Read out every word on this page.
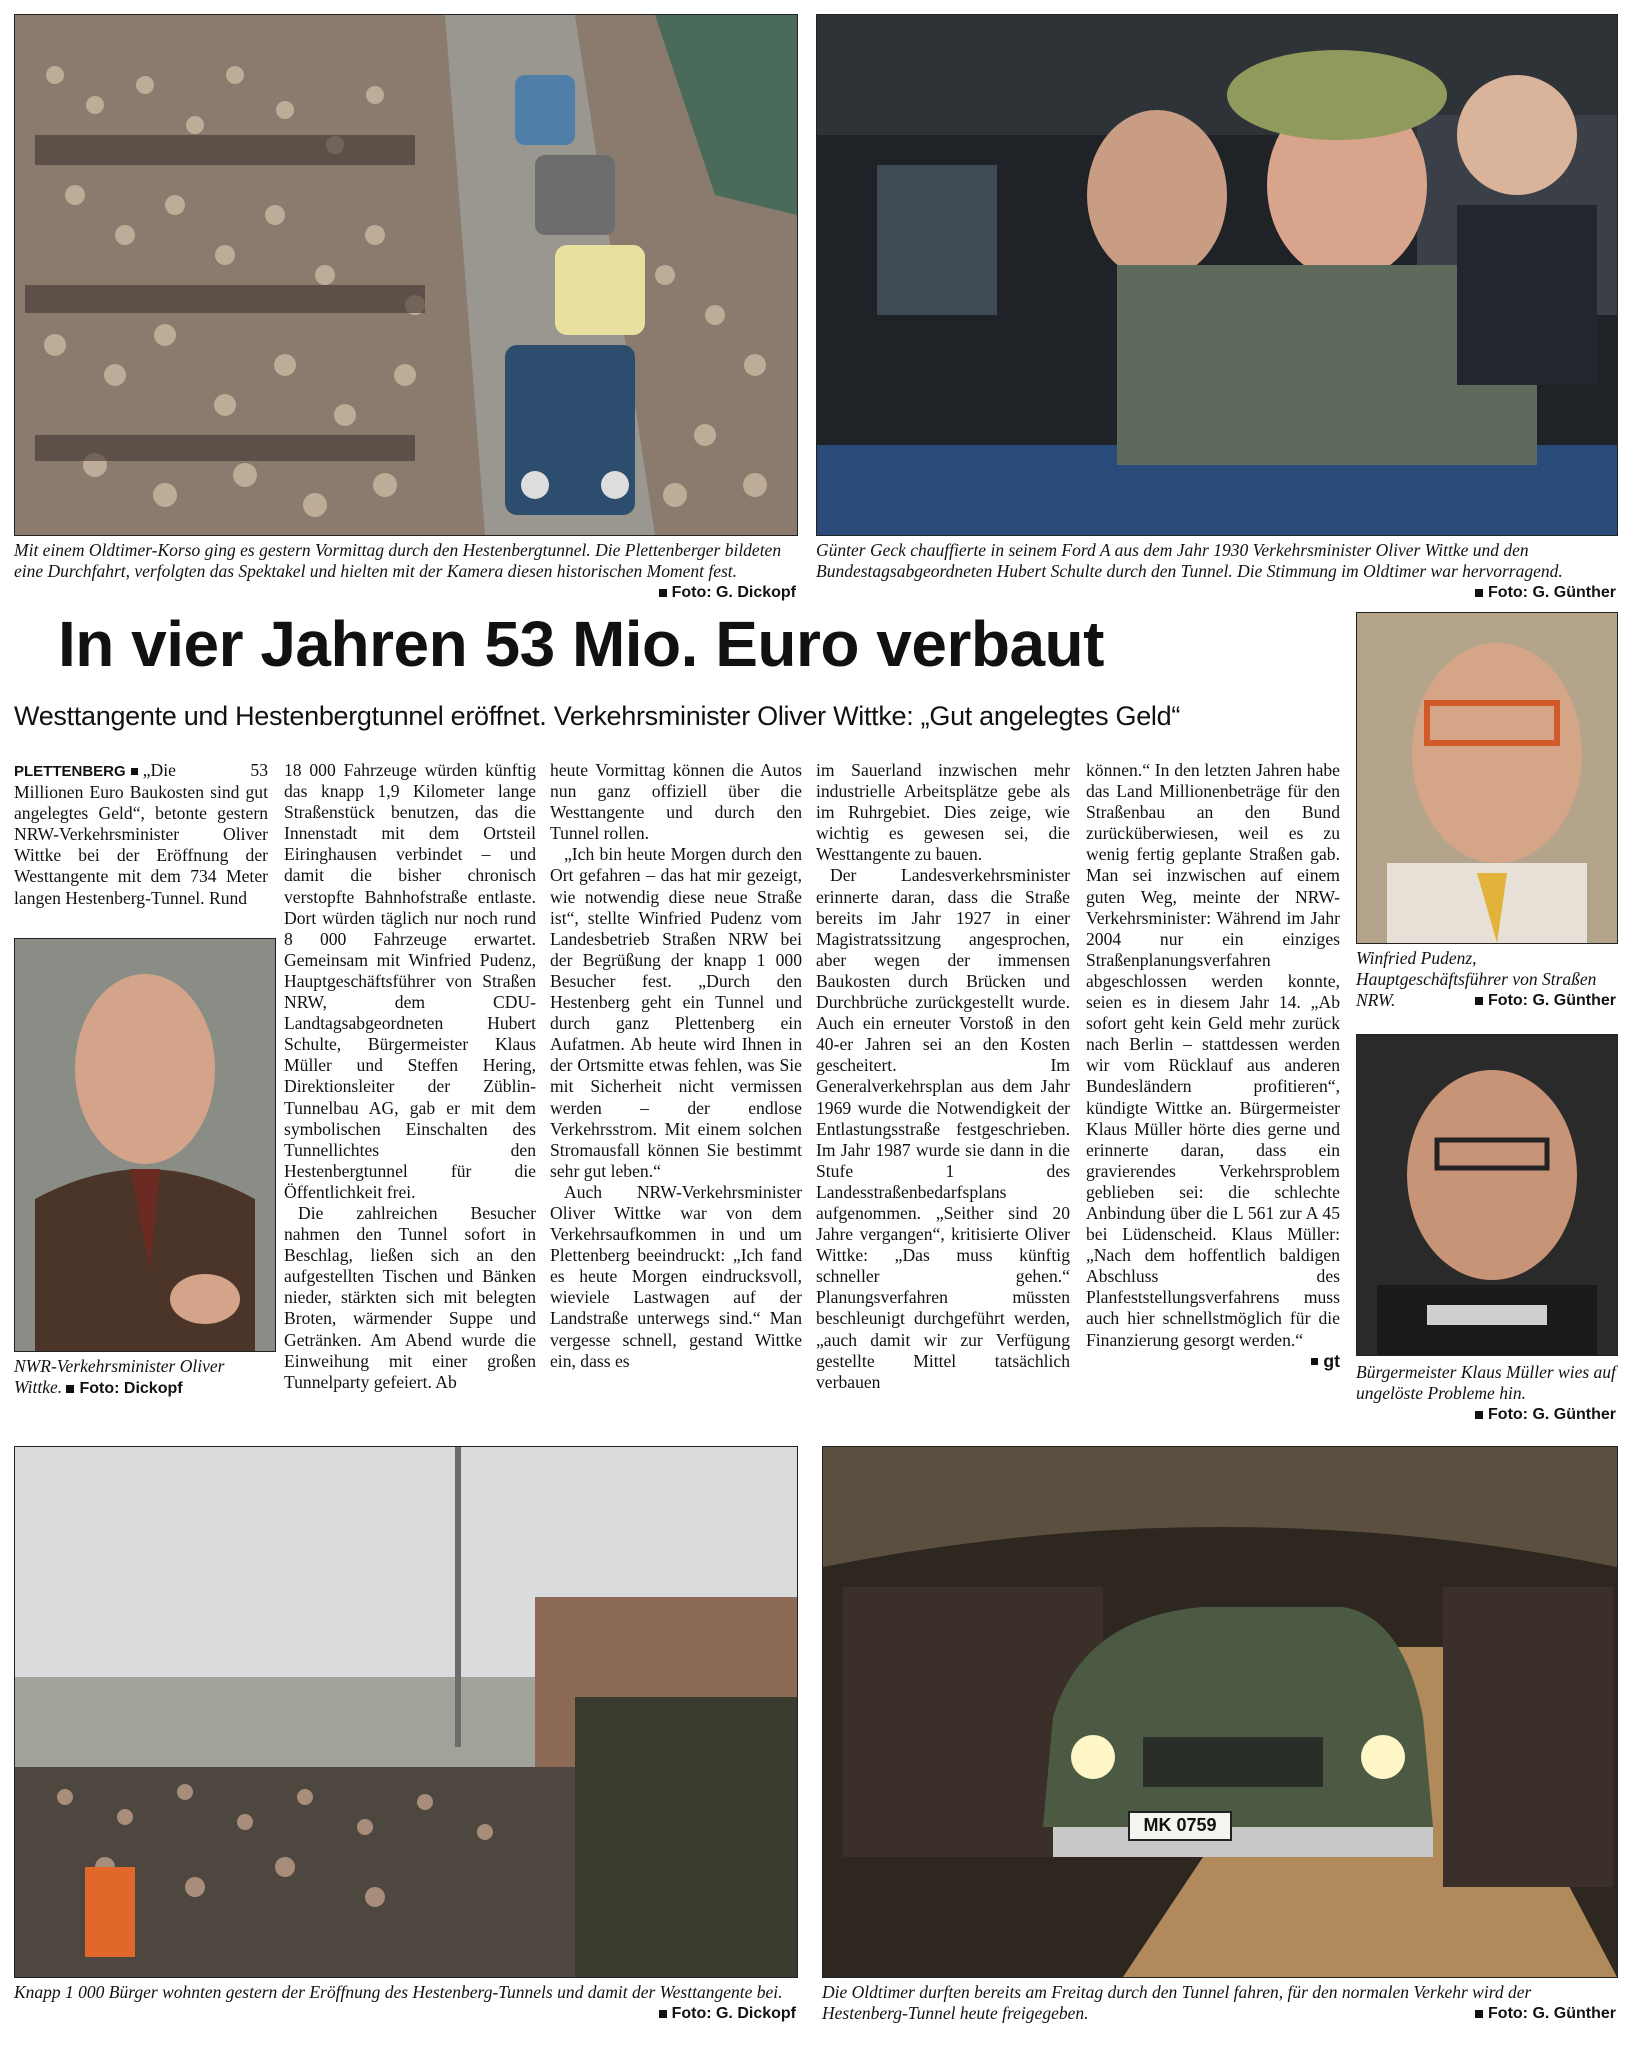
Mit einem Oldtimer-Korso ging es gestern Vormittag durch den Hestenbergtunnel. Die Plettenberger bildeten eine Durchfahrt, verfolgten das Spektakel und hielten mit der Kamera diesen historischen Moment fest.
Foto: G. Dickopf
Günter Geck chauffierte in seinem Ford A aus dem Jahr 1930 Verkehrsminister Oliver Wittke und den Bundestagsabgeordneten Hubert Schulte durch den Tunnel. Die Stimmung im Oldtimer war hervorragend.
Foto: G. Günther
In vier Jahren 53 Mio. Euro verbaut
Westtangente und Hestenbergtunnel eröffnet. Verkehrsminister Oliver Wittke: „Gut angelegtes Geld“
Winfried Pudenz, Hauptgeschäftsführer von Straßen NRW.	Foto: G. Günther
Bürgermeister Klaus Müller wies auf ungelöste Probleme hin.
Foto: G. Günther
NWR-Verkehrsminister Oliver Wittke. Foto: Dickopf

PLETTENBERG „Die 53 Millionen Euro Baukosten sind gut angelegtes Geld“, betonte gestern NRW-Verkehrsminister Oliver Wittke bei der Eröffnung der Westtangente mit dem 734 Meter langen Hestenberg-Tunnel. Rund

18 000 Fahrzeuge würden künftig das knapp 1,9 Kilometer lange Straßenstück benutzen, das die Innenstadt mit dem Ortsteil Eiringhausen verbindet – und damit die bisher chronisch verstopfte Bahnhofstraße entlaste. Dort würden täglich nur noch rund 8 000 Fahrzeuge erwartet. Gemeinsam mit Winfried Pudenz, Hauptgeschäftsführer von Straßen NRW, dem CDU-Landtagsabgeordneten Hubert Schulte, Bürgermeister Klaus Müller und Steffen Hering, Direktionsleiter der Züblin-Tunnelbau AG, gab er mit dem symbolischen Einschalten des Tunnellichtes den Hestenbergtunnel für die Öffentlichkeit frei.

Die zahlreichen Besucher nahmen den Tunnel sofort in Beschlag, ließen sich an den aufgestellten Tischen und Bänken nieder, stärkten sich mit belegten Broten, wärmender Suppe und Getränken. Am Abend wurde die Einweihung mit einer großen Tunnelparty gefeiert. Ab

heute Vormittag können die Autos nun ganz offiziell über die Westtangente und durch den Tunnel rollen.

„Ich bin heute Morgen durch den Ort gefahren – das hat mir gezeigt, wie notwendig diese neue Straße ist“, stellte Winfried Pudenz vom Landesbetrieb Straßen NRW bei der Begrüßung der knapp 1 000 Besucher fest. „Durch den Hestenberg geht ein Tunnel und durch ganz Plettenberg ein Aufatmen. Ab heute wird Ihnen in der Ortsmitte etwas fehlen, was Sie mit Sicherheit nicht vermissen werden – der endlose Verkehrsstrom. Mit einem solchen Stromausfall können Sie bestimmt sehr gut leben.“

Auch NRW-Verkehrsminister Oliver Wittke war von dem Verkehrsaufkommen in und um Plettenberg beeindruckt: „Ich fand es heute Morgen eindrucksvoll, wieviele Lastwagen auf der Landstraße unterwegs sind.“ Man vergesse schnell, gestand Wittke ein, dass es

im Sauerland inzwischen mehr industrielle Arbeitsplätze gebe als im Ruhrgebiet. Dies zeige, wie wichtig es gewesen sei, die Westtangente zu bauen.

Der Landesverkehrsminister erinnerte daran, dass die Straße bereits im Jahr 1927 in einer Magistratssitzung angesprochen, aber wegen der immensen Baukosten durch Brücken und Durchbrüche zurückgestellt wurde. Auch ein erneuter Vorstoß in den 40-er Jahren sei an den Kosten gescheitert. Im Generalverkehrsplan aus dem Jahr 1969 wurde die Notwendigkeit der Entlastungsstraße festgeschrieben. Im Jahr 1987 wurde sie dann in die Stufe 1 des Landesstraßenbedarfsplans aufgenommen. „Seither sind 20 Jahre vergangen“, kritisierte Oliver Wittke: „Das muss künftig schneller gehen.“ Planungsverfahren müssten beschleunigt durchgeführt werden, „auch damit wir zur Verfügung gestellte Mittel tatsächlich verbauen

können.“ In den letzten Jahren habe das Land Millionenbeträge für den Straßenbau an den Bund zurücküberwiesen, weil es zu wenig fertig geplante Straßen gab. Man sei inzwischen auf einem guten Weg, meinte der NRW-Verkehrsminister: Während im Jahr 2004 nur ein einziges Straßenplanungsverfahren abgeschlossen werden konnte, seien es in diesem Jahr 14. „Ab sofort geht kein Geld mehr zurück nach Berlin – stattdessen werden wir vom Rücklauf aus anderen Bundesländern profitieren“, kündigte Wittke an. Bürgermeister Klaus Müller hörte dies gerne und erinnerte daran, dass ein gravierendes Verkehrsproblem geblieben sei: die schlechte Anbindung über die L 561 zur A 45 bei Lüdenscheid. Klaus Müller: „Nach dem hoffentlich baldigen Abschluss des Planfeststellungsverfahrens muss auch hier schnellstmöglich für die Finanzierung gesorgt werden.“

gt
Knapp 1 000 Bürger wohnten gestern der Eröffnung des Hestenberg-Tunnels und damit der Westtangente bei.
Foto: G. Dickopf
MK 0759
Die Oldtimer durften bereits am Freitag durch den Tunnel fahren, für den normalen Verkehr wird der Hestenberg-Tunnel heute freigegeben.	Foto: G. Günther
